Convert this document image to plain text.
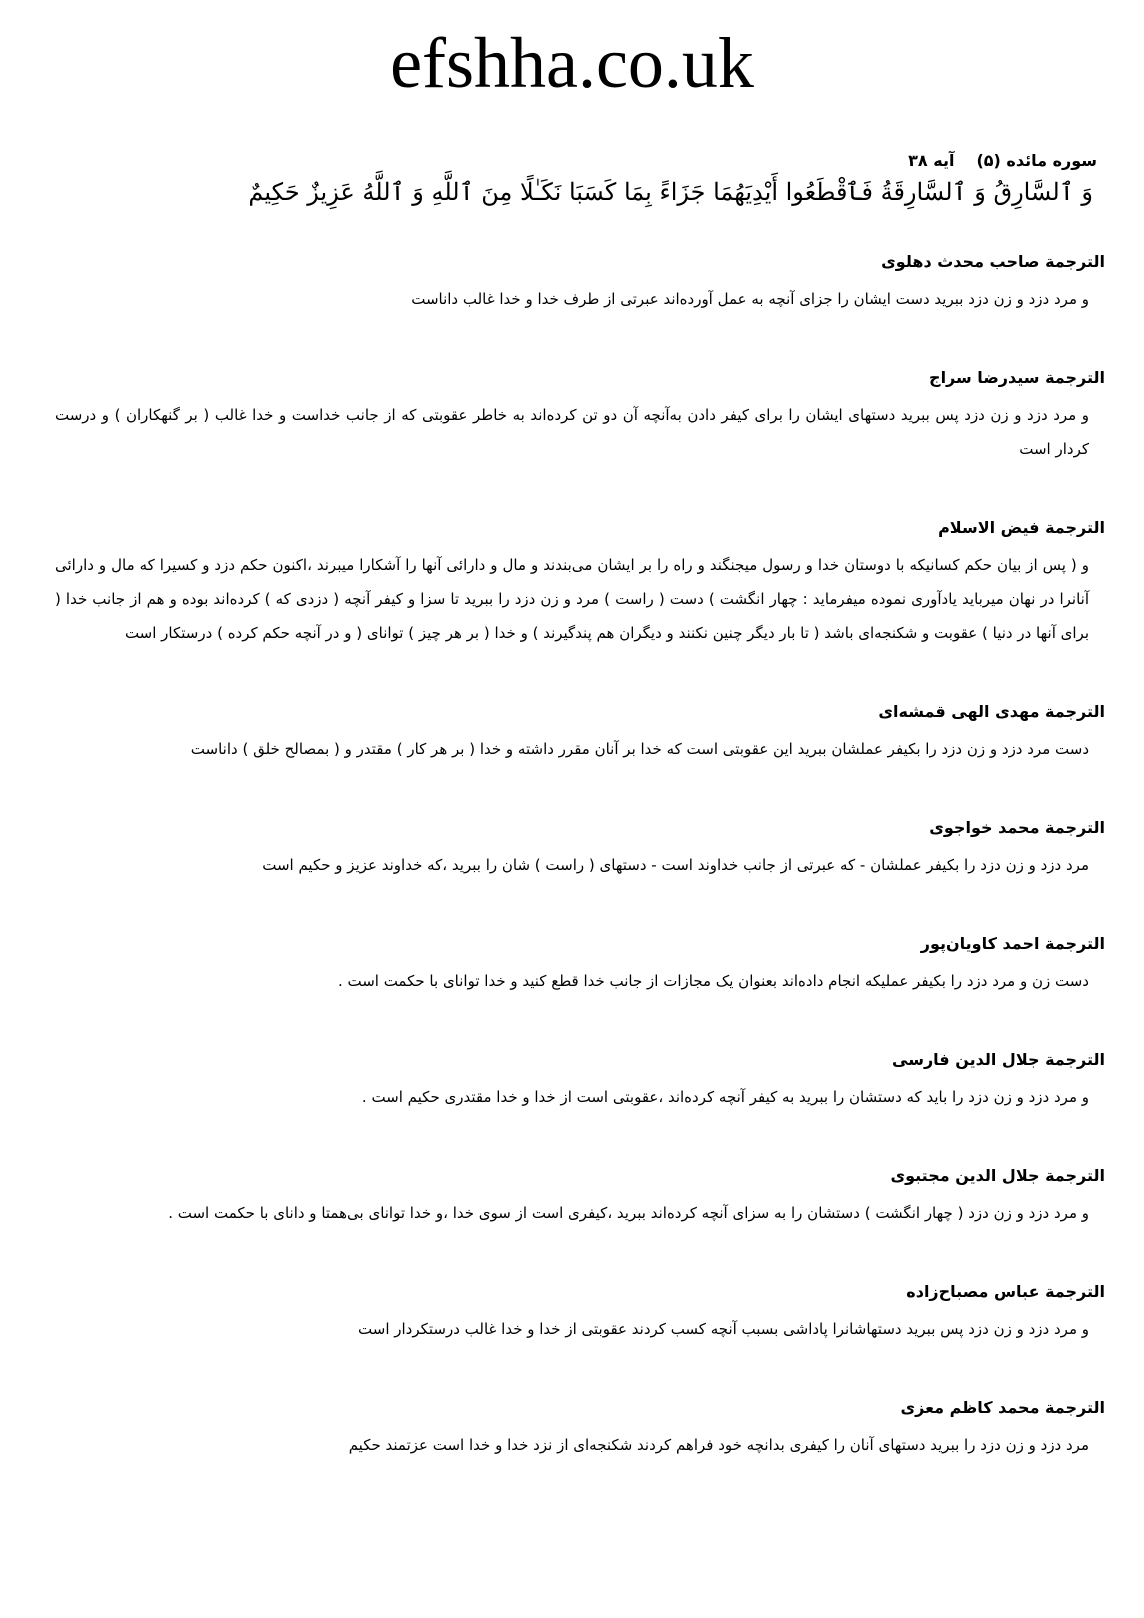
efshha.co.uk
سوره مائده (۵)آيه ۳۸
وَ ٱلسَّارِقُ وَ ٱلسَّارِقَةُ فَٱقْطَعُوا أَيْدِيَهُمَا جَزَاءً بِمَا كَسَبَا نَكَـٰلًا مِنَ ٱللَّهِ وَ ٱللَّهُ عَزِيزٌ حَكِيمٌ
الترجمة صاحب محدث دهلوى
و مرد دزد و زن دزد ببريد دست ايشان را جزاى آنچه به عمل آورده‌اند عبرتى از طرف خدا و خدا غالب داناست
الترجمة سيدرضا سراج
و مرد دزد و زن دزد پس ببريد دستهاى ايشان را براى كيفر دادن به‌آنچه آن دو تن كرده‌اند به خاطر عقوبتى كه از جانب خداست و خدا غالب ( بر گنهكاران ) و درست كردار است
الترجمة فيض الاسلام
و ( پس از بيان حكم كسانيكه با دوستان خدا و رسول ميجنگند و راه را بر ايشان مى‌بندند و مال و دارائى آنها را آشكارا ميبرند ،اكنون حكم دزد و كسيرا كه مال و دارائى آنانرا در نهان ميربايد يادآورى نموده ميفرمايد : چهار انگشت ) دست ( راست ) مرد و زن دزد را ببريد تا سزا و كيفر آنچه ( دزدى كه ) كرده‌اند بوده و هم از جانب خدا ( براى آنها در دنيا ) عقوبت و شكنجه‌اى باشد ( تا بار ديگر چنين نكنند و ديگران هم پندگيرند ) و خدا ( بر هر چيز ) تواناى ( و در آنچه حكم كرده ) درستكار است
الترجمة مهدى الهى قمشه‌اى
دست مرد دزد و زن دزد را بكيفر عملشان ببريد اين عقوبتى است كه خدا بر آنان مقرر داشته و خدا ( بر هر كار ) مقتدر و ( بمصالح خلق ) داناست
الترجمة محمد خواجوى
مرد دزد و زن دزد را بكيفر عملشان - كه عبرتى از جانب خداوند است - دستهاى ( راست ) شان را ببريد ،كه خداوند عزيز و حكيم است
الترجمة احمد كاويان‌پور
دست زن و مرد دزد را بكيفر عمليكه انجام داده‌اند بعنوان يک مجازات از جانب خدا قطع كنيد و خدا توانای با حكمت است .
الترجمة جلال الدين فارسى
و مرد دزد و زن دزد را بايد كه دستشان را ببريد به كيفر آنچه كرده‌اند ،عقوبتى است از خدا و خدا مقتدرى حكيم است .
الترجمة جلال الدين مجتبوى
و مرد دزد و زن دزد ( چهار انگشت ) دستشان را به سزاى آنچه كرده‌اند ببريد ،كيفرى است از سوى خدا ،و خدا تواناى بى‌همتا و داناى با حكمت است .
الترجمة عباس مصباح‌زاده
و مرد دزد و زن دزد پس ببريد دستهاشانرا پاداشى بسبب آنچه كسب كردند عقوبتى از خدا و خدا غالب درستكردار است
الترجمة محمد كاظم معزى
مرد دزد و زن دزد را ببريد دستهاى آنان را كيفرى بدانچه خود فراهم كردند شكنجه‌اى از نزد خدا و خدا است عزتمند حكيم
